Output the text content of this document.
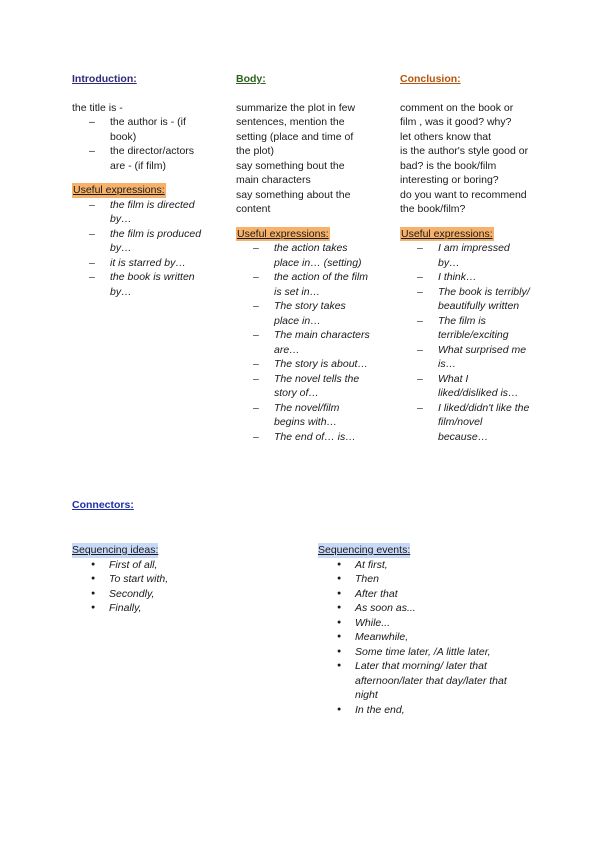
Introduction:
the title is -
– the author is - (if book)
– the director/actors are - (if film)
Useful expressions:
– the film is directed by…
– the film is produced by…
– it is starred by…
– the book is written by…
Body:
summarize the plot in few sentences, mention the setting (place and time of the plot)
say something bout the main characters
say something about the content
Useful expressions:
– the action takes place in… (setting)
– the action of the film is set in…
– The story takes place in…
– The main characters are…
– The story is about…
– The novel tells the story of…
– The novel/film begins with…
– The end of… is…
Conclusion:
comment on the book or film , was it good? why?
let others know that
is the author's style good or bad? is the book/film interesting or boring?
do you want to recommend the book/film?
Useful expressions:
– I am impressed by…
– I think…
– The book is terribly/ beautifully written
– The film is terrible/exciting
– What surprised me is…
– What I liked/disliked is…
– I liked/didn't like the film/novel because…
Connectors:
Sequencing ideas:
● First of all,
● To start with,
● Secondly,
● Finally,
Sequencing events:
● At first,
● Then
● After that
● As soon as...
● While...
● Meanwhile,
● Some time later, /A little later,
● Later that morning/ later that afternoon/later that day/later that night
● In the end,
